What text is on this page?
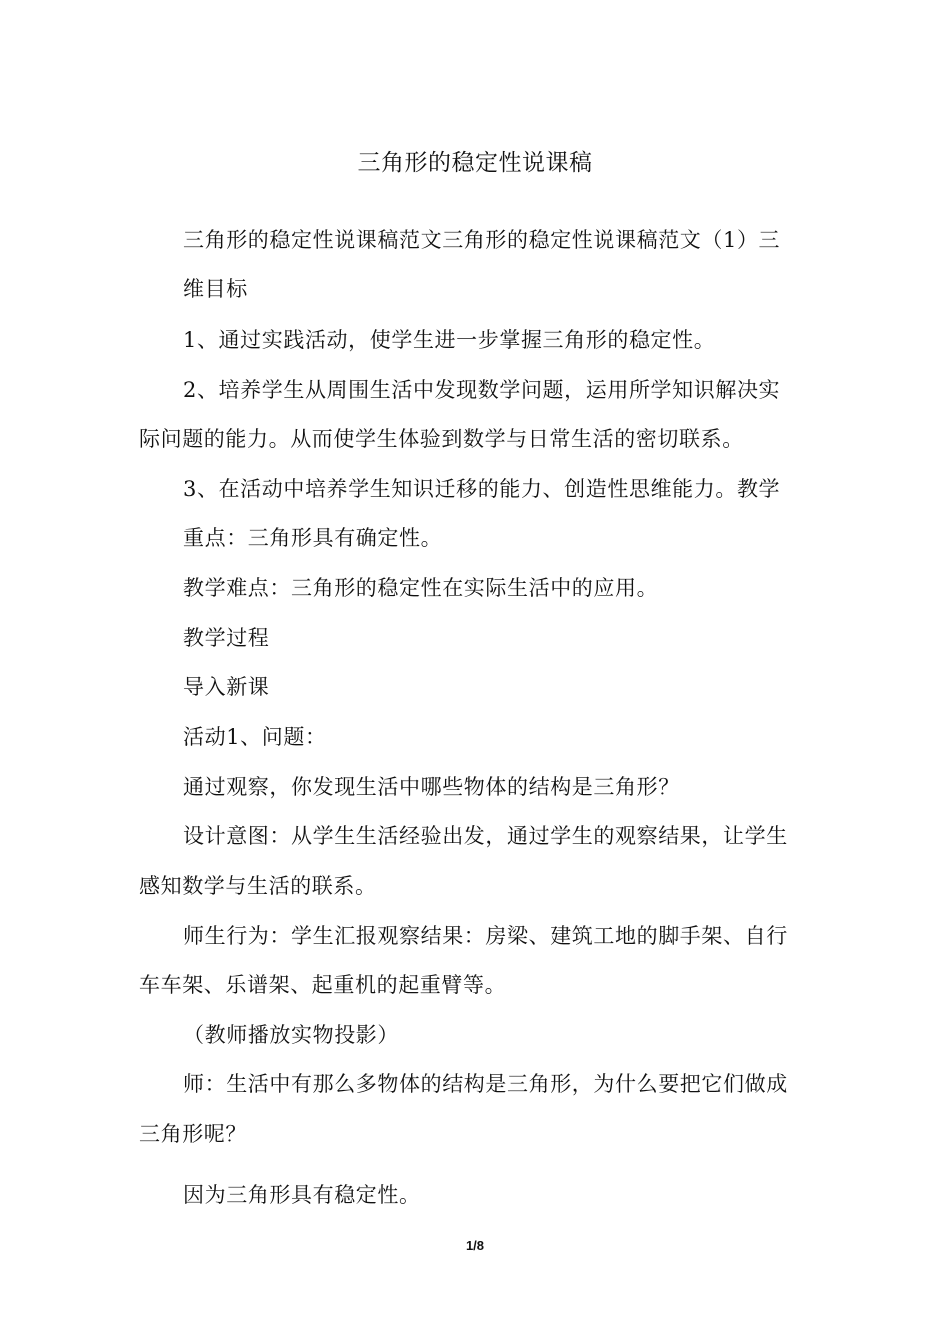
三角形的稳定性说课稿
三角形的稳定性说课稿范文三角形的稳定性说课稿范文（1）三
维目标
1、通过实践活动，使学生进一步掌握三角形的稳定性。
2、培养学生从周围生活中发现数学问题，运用所学知识解决实
际问题的能力。从而使学生体验到数学与日常生活的密切联系。
3、在活动中培养学生知识迁移的能力、创造性思维能力。教学
重点：三角形具有确定性。
教学难点：三角形的稳定性在实际生活中的应用。
教学过程
导入新课
活动1、问题：
通过观察，你发现生活中哪些物体的结构是三角形？
设计意图：从学生生活经验出发，通过学生的观察结果，让学生
感知数学与生活的联系。
师生行为：学生汇报观察结果：房梁、建筑工地的脚手架、自行
车车架、乐谱架、起重机的起重臂等。
（教师播放实物投影）
师：生活中有那么多物体的结构是三角形，为什么要把它们做成
三角形呢？
因为三角形具有稳定性。
1/8
